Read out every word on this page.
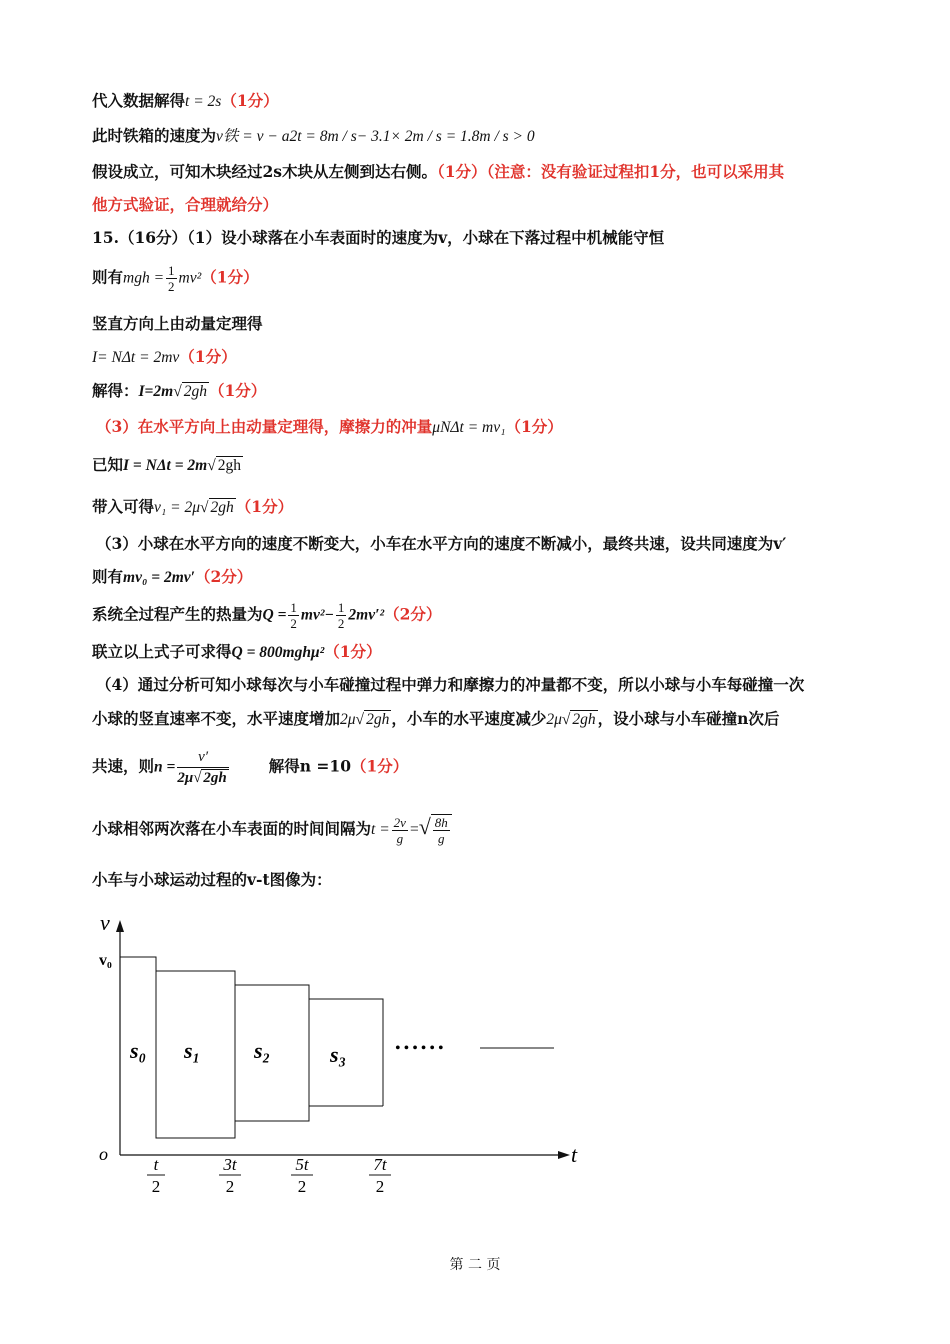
代入数据解得t = 2s（1分）
此时铁箱的速度为v铁 = v − a2t = 8m / s− 3.1× 2m / s = 1.8m / s > 0
假设成立，可知木块经过2s木块从左侧到达右侧。（1分）（注意：没有验证过程扣1分，也可以采用其
他方式验证，合理就给分）
15.（16分）（1）设小球落在小车表面时的速度为v，小球在下落过程中机械能守恒
则有mgh = $\frac{1}{2} mv^2(1$分）
竖直方向上由动量定理得
I= NΔt = 2mv（1分）
解得：I=2m√ 2gh （1分）
（3）在水平方向上由动量定理得，摩擦力的冲量μNΔt = mv₁（1分）
已知I = NΔt = 2m√ 2gh
带入可得v₁ = 2μ√ 2gh （1分）
（3）小球在水平方向的速度不断变大，小车在水平方向的速度不断减小，最终共速，设共同速度为v′
则有mv₀ = 2mv′（2分）
系统全过程产生的热量为$Q = \frac{1}{2} mv^2- \frac{1}{2} 2mv'^2(2$分）
联立以上式子可求得Q = 800mghμ²（1分）
（4）通过分析可知小球每次与小车碰撞过程中弹力和摩擦力的冲量都不变，所以小球与小车每碰撞一次
小球的竖直速率不变，水平速度增加2μ√ 2gh ，小车的水平速度减少2μ√ 2gh ，设小球与小车碰撞n次后
共速，则$n = \frac{v'}{2\mu√ 2gh}$	解得n =10（1分）
小球相邻两次落在小车表面的时间间隔为$t = \frac{2v}{g}$ =√ $\frac{8h}{g}$
小车与小球运动过程的v-t图像为：
v
t
o
v₀
s₀ s₁ s₂	s₃	••••••
t
2
3t
2
5t
2
7t
2
第 二 页
